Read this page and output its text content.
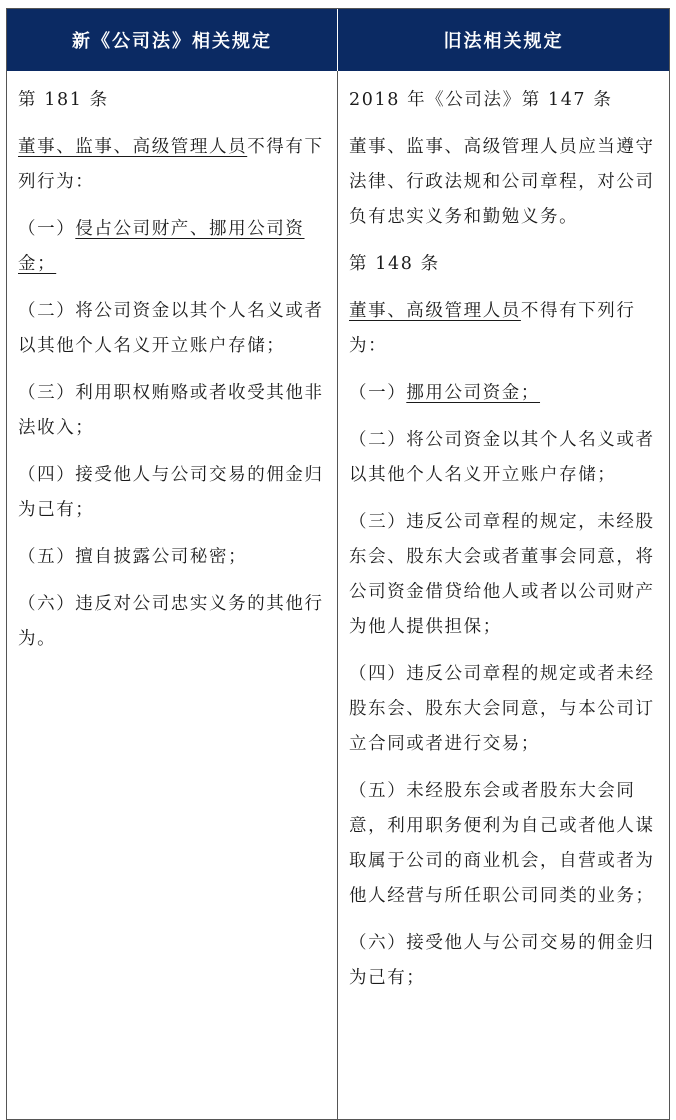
新《公司法》相关规定	旧法相关规定

第 181 条

董事、监事、高级管理人员不得有下列行为：

（一）侵占公司财产、挪用公司资金；

（二）将公司资金以其个人名义或者以其他个人名义开立账户存储；

（三）利用职权贿赂或者收受其他非法收入；

（四）接受他人与公司交易的佣金归为己有；

（五）擅自披露公司秘密；

（六）违反对公司忠实义务的其他行为。

2018 年《公司法》第 147 条

董事、监事、高级管理人员应当遵守法律、行政法规和公司章程，对公司负有忠实义务和勤勉义务。

第 148 条

董事、高级管理人员不得有下列行为：

（一）挪用公司资金；

（二）将公司资金以其个人名义或者以其他个人名义开立账户存储；

（三）违反公司章程的规定，未经股东会、股东大会或者董事会同意，将公司资金借贷给他人或者以公司财产为他人提供担保；

（四）违反公司章程的规定或者未经股东会、股东大会同意，与本公司订立合同或者进行交易；

（五）未经股东会或者股东大会同意，利用职务便利为自己或者他人谋取属于公司的商业机会，自营或者为他人经营与所任职公司同类的业务；

（六）接受他人与公司交易的佣金归为己有；
